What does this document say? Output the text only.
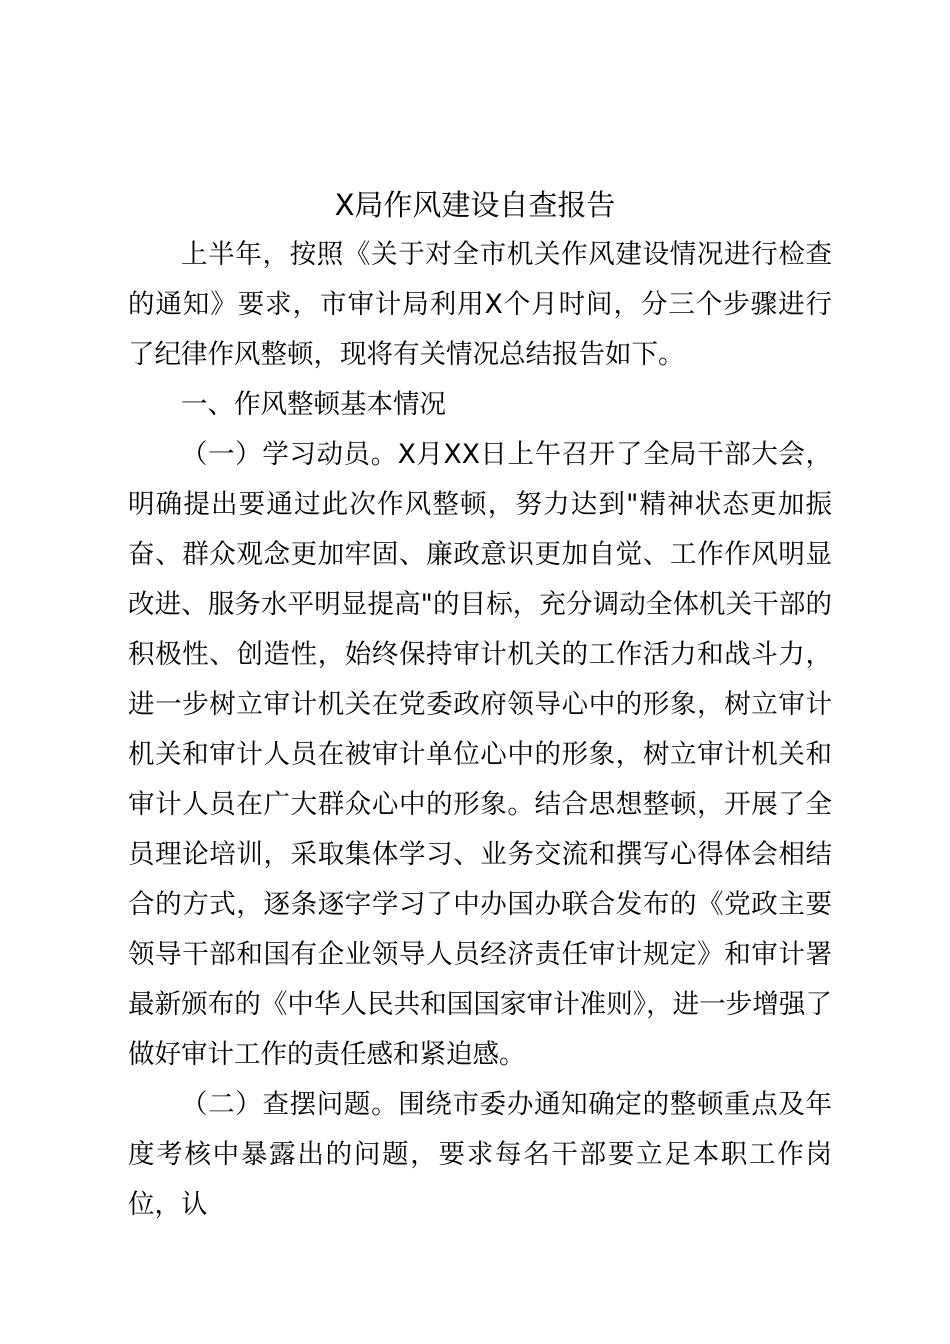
X局作风建设自查报告

上半年，按照《关于对全市机关作风建设情况进行检查的通知》要求，市审计局利用X个月时间，分三个步骤进行了纪律作风整顿，现将有关情况总结报告如下。

一、作风整顿基本情况

（一）学习动员。X月XX日上午召开了全局干部大会，明确提出要通过此次作风整顿，努力达到"精神状态更加振奋、群众观念更加牢固、廉政意识更加自觉、工作作风明显改进、服务水平明显提高"的目标，充分调动全体机关干部的积极性、创造性，始终保持审计机关的工作活力和战斗力，进一步树立审计机关在党委政府领导心中的形象，树立审计机关和审计人员在被审计单位心中的形象，树立审计机关和审计人员在广大群众心中的形象。结合思想整顿，开展了全员理论培训，采取集体学习、业务交流和撰写心得体会相结合的方式，逐条逐字学习了中办国办联合发布的《党政主要领导干部和国有企业领导人员经济责任审计规定》和审计署最新颁布的《中华人民共和国国家审计准则》，进一步增强了做好审计工作的责任感和紧迫感。

（二）查摆问题。围绕市委办通知确定的整顿重点及年度考核中暴露出的问题，要求每名干部要立足本职工作岗位，认
